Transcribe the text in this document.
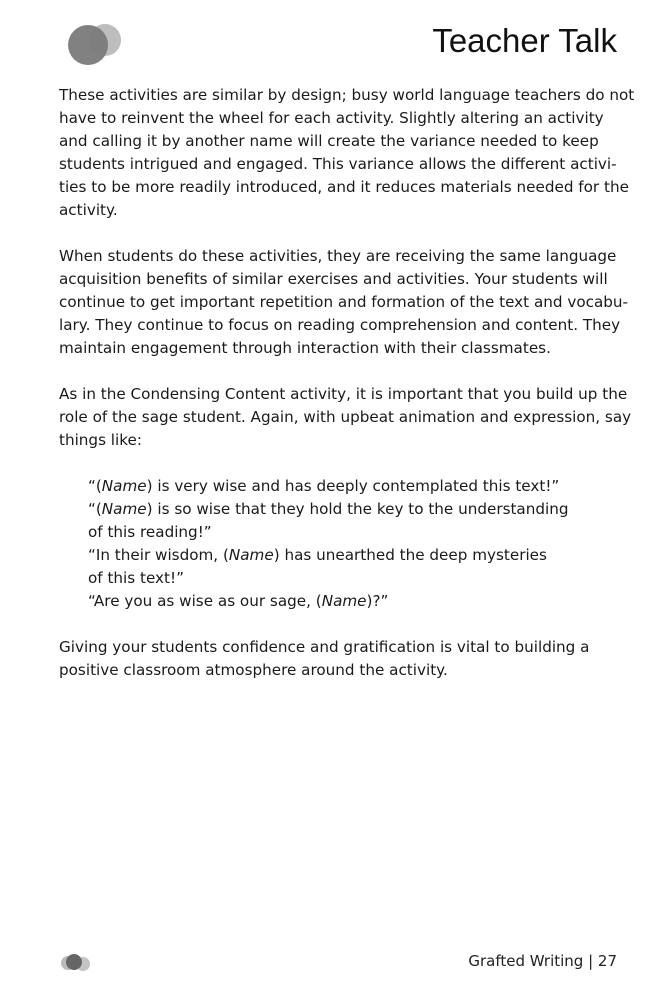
Teacher Talk
These activities are similar by design; busy world language teachers do not
have to reinvent the wheel for each activity. Slightly altering an activity
and calling it by another name will create the variance needed to keep
students intrigued and engaged. This variance allows the different activi-
ties to be more readily introduced, and it reduces materials needed for the
activity.
When students do these activities, they are receiving the same language
acquisition benefits of similar exercises and activities. Your students will
continue to get important repetition and formation of the text and vocabu-
lary. They continue to focus on reading comprehension and content. They
maintain engagement through interaction with their classmates.
As in the Condensing Content activity, it is important that you build up the
role of the sage student. Again, with upbeat animation and expression, say
things like:
“(Name) is very wise and has deeply contemplated this text!”
“(Name) is so wise that they hold the key to the understanding
of this reading!”
“In their wisdom, (Name) has unearthed the deep mysteries
of this text!”
“Are you as wise as our sage, (Name)?”
Giving your students confidence and gratification is vital to building a
positive classroom atmosphere around the activity.
Grafted Writing | 27
